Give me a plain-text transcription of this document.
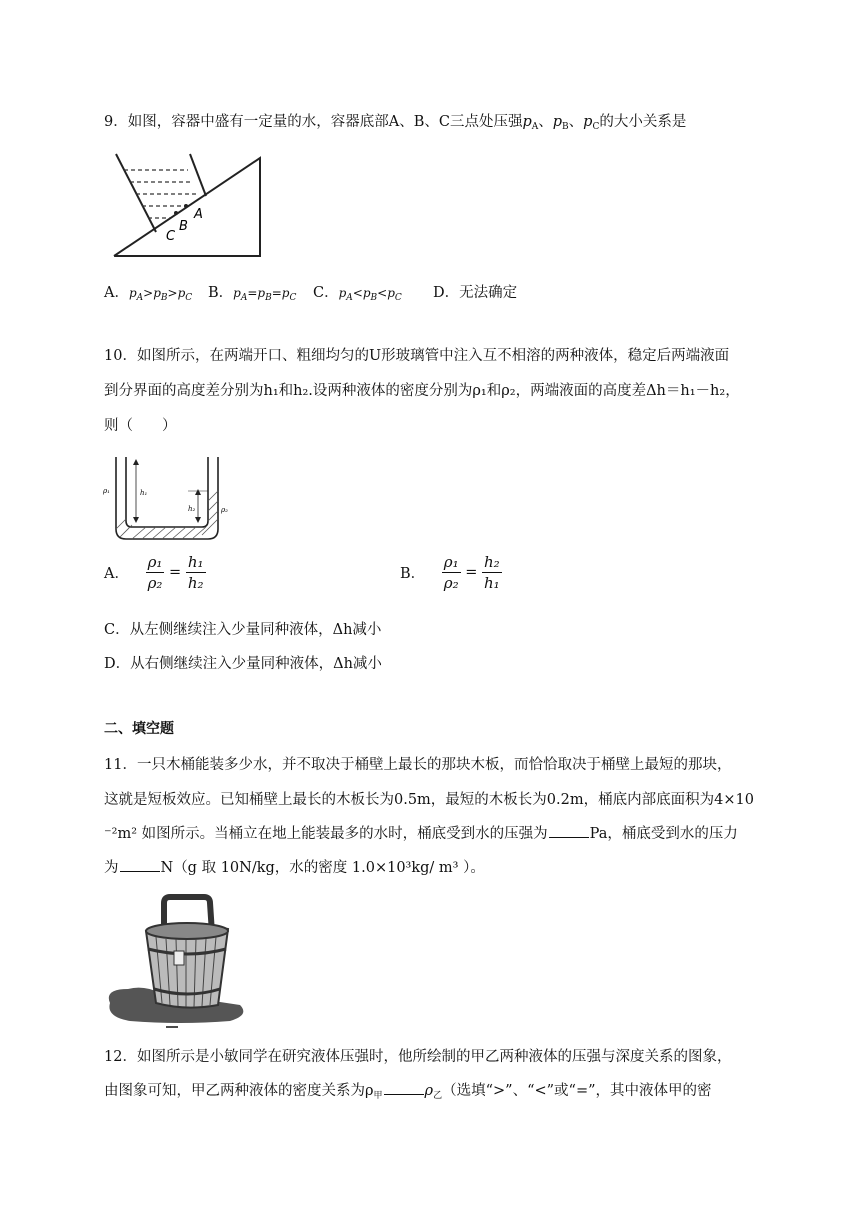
9．如图，容器中盛有一定量的水，容器底部A、B、C三点处压强$p_A$、$p_B$、$p_C$的大小关系是
C
B
A
A．$p_A>p_B>p_C$ B．$p_A=p_B=p_C$ C．$p_A<p_B<p_C$ D．无法确定
10．如图所示，在两端开口、粗细均匀的U形玻璃管中注入互不相溶的两种液体，稳定后两端液面
到分界面的高度差分别为h₁和h₂.设两种液体的密度分别为ρ₁和ρ₂，两端液面的高度差Δh＝h₁－h₂，
则（　　）
ρ₁	h₁
h₂	ρ₂
A． $\frac{\text{ρ₁}}{\text{ρ₂}} = \frac{\text{h₁}}{\text{h₂}}$	B． $\frac{\text{ρ₁}}{\text{ρ₂}} = \frac{\text{h₂}}{\text{h₁}}$
C．从左侧继续注入少量同种液体，Δh减小
D．从右侧继续注入少量同种液体，Δh减小
二、填空题
11．一只木桶能装多少水，并不取决于桶壁上最长的那块木板，而恰恰取决于桶壁上最短的那块，
这就是短板效应。已知桶壁上最长的木板长为0.5m，最短的木板长为0.2m，桶底内部底面积为4×10
⁻²m² 如图所示。当桶立在地上能装最多的水时，桶底受到水的压强为	Pa，桶底受到水的压力
为	N（g 取 10N/kg，水的密度 1.0×10³kg/ m³ ）。
12．如图所示是小敏同学在研究液体压强时，他所绘制的甲乙两种液体的压强与深度关系的图象，
由图象可知，甲乙两种液体的密度关系为$\rho_甲$	$\rho_乙$（选填“>”、“<”或“=”，其中液体甲的密
